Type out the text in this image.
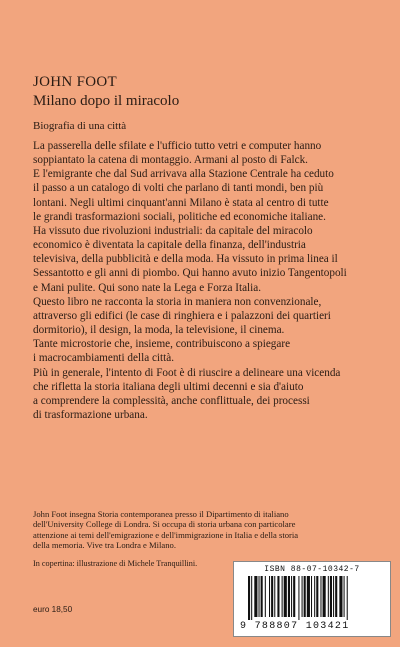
JOHN FOOT
Milano dopo il miracolo
Biografia di una città

La passerella delle sfilate e l'ufficio tutto vetri e computer hanno

soppiantato la catena di montaggio. Armani al posto di Falck.

E l'emigrante che dal Sud arrivava alla Stazione Centrale ha ceduto

il passo a un catalogo di volti che parlano di tanti mondi, ben più

lontani. Negli ultimi cinquant'anni Milano è stata al centro di tutte

le grandi trasformazioni sociali, politiche ed economiche italiane.

Ha vissuto due rivoluzioni industriali: da capitale del miracolo

economico è diventata la capitale della finanza, dell'industria

televisiva, della pubblicità e della moda. Ha vissuto in prima linea il

Sessantotto e gli anni di piombo. Qui hanno avuto inizio Tangentopoli

e Mani pulite. Qui sono nate la Lega e Forza Italia.

Questo libro ne racconta la storia in maniera non convenzionale,

attraverso gli edifici (le case di ringhiera e i palazzoni dei quartieri

dormitorio), il design, la moda, la televisione, il cinema.

Tante microstorie che, insieme, contribuiscono a spiegare

i macrocambiamenti della città.

Più in generale, l'intento di Foot è di riuscire a delineare una vicenda

che rifletta la storia italiana degli ultimi decenni e sia d'aiuto

a comprendere la complessità, anche conflittuale, dei processi

di trasformazione urbana.

John Foot insegna Storia contemporanea presso il Dipartimento di italiano
dell'University College di Londra. Si occupa di storia urbana con particolare
attenzione ai temi dell'emigrazione e dell'immigrazione in Italia e della storia
della memoria. Vive tra Londra e Milano.
In copertina: illustrazione di Michele Tranquillini.
euro 18,50
ISBN 88-07-10342-7
9 788807 103421
